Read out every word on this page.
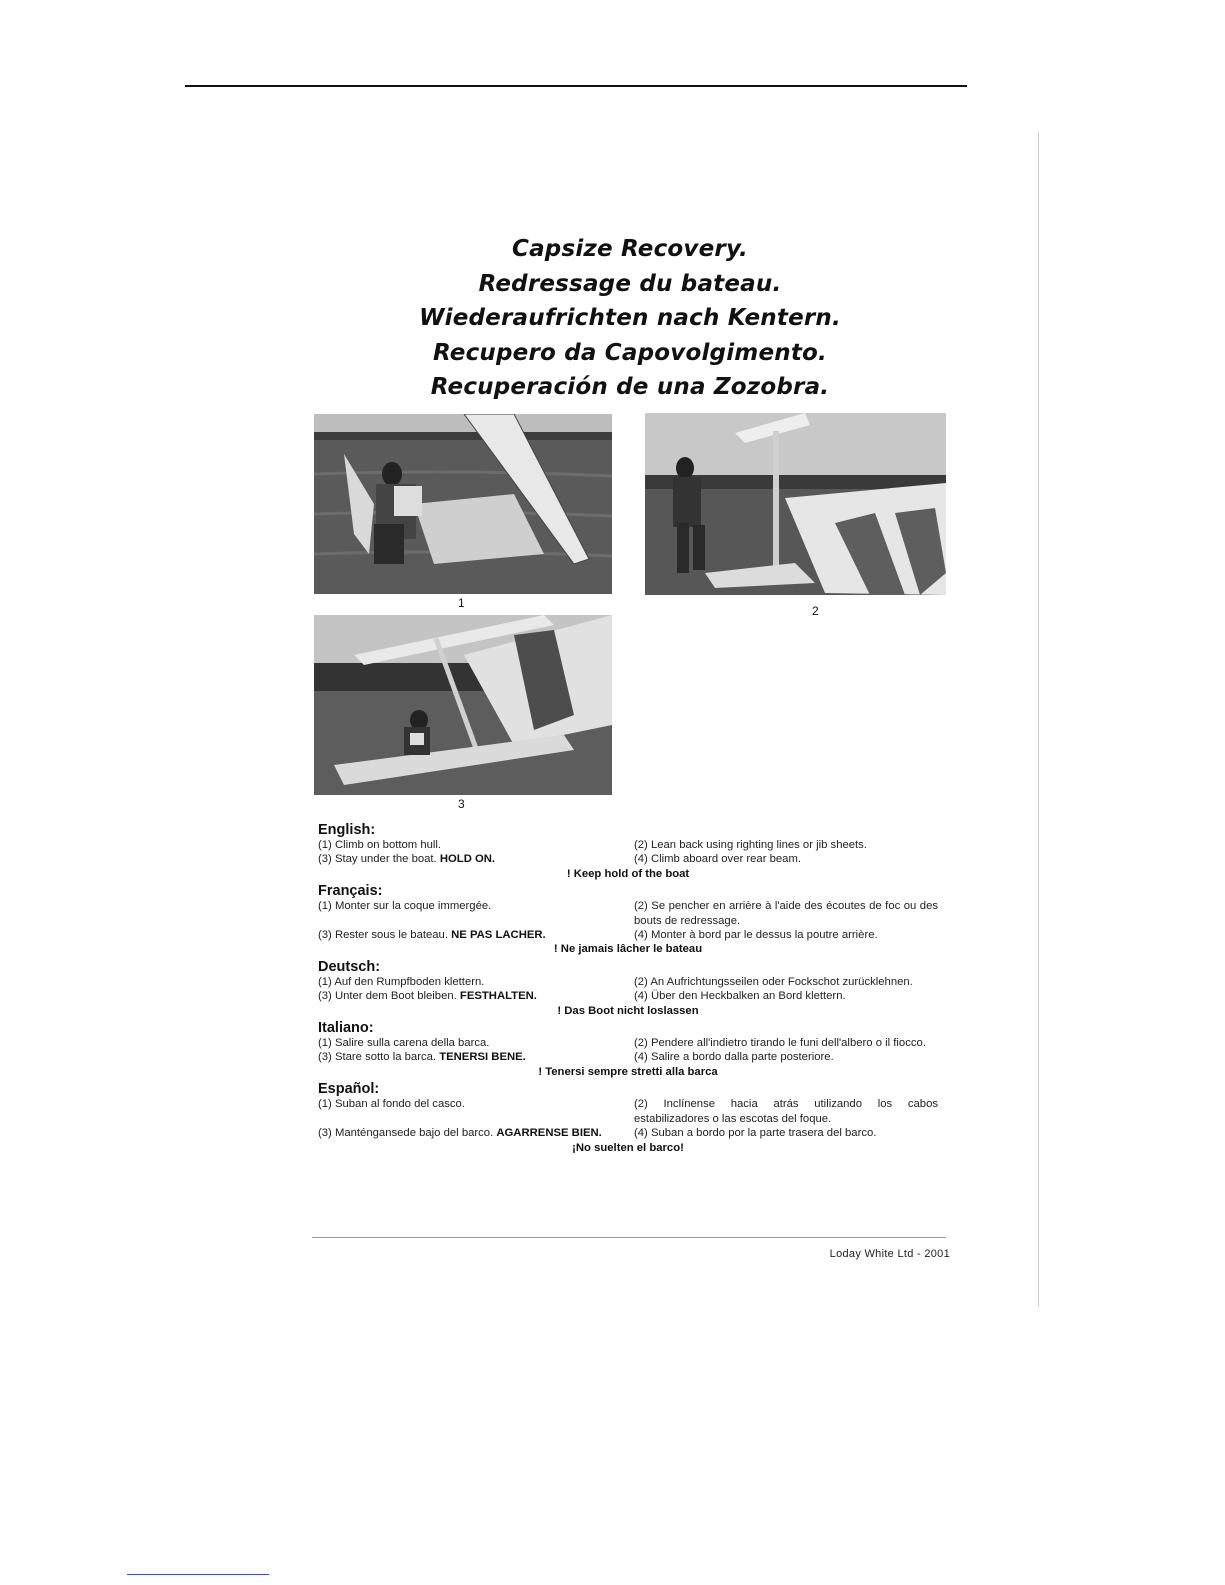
Capsize Recovery.
Redressage du bateau.
Wiederaufrichten nach Kentern.
Recupero da Capovolgimento.
Recuperación de una Zozobra.
1
2
3
English:
(1) Climb on bottom hull.	(2) Lean back using righting lines or jib sheets.
(3) Stay under the boat. HOLD ON.	(4) Climb aboard over rear beam.
! Keep hold of the boat
Français:
(1) Monter sur la coque immergée.	(2) Se pencher en arrière à l'aide des écoutes de foc ou des bouts de redressage.
(3) Rester sous le bateau. NE PAS LACHER.	(4) Monter à bord par le dessus la poutre arrière.
! Ne jamais lâcher le bateau
Deutsch:
(1) Auf den Rumpfboden klettern.	(2) An Aufrichtungsseilen oder Fockschot zurücklehnen.
(3) Unter dem Boot bleiben. FESTHALTEN.	(4) Über den Heckbalken an Bord klettern.
! Das Boot nicht loslassen
Italiano:
(1) Salire sulla carena della barca.	(2) Pendere all'indietro tirando le funi dell'albero o il fiocco.
(3) Stare sotto la barca. TENERSI BENE.	(4) Salire a bordo dalla parte posteriore.
! Tenersi sempre stretti alla barca
Español:
(1) Suban al fondo del casco.	(2) Inclínense hacia atrás utilizando los cabos estabilizadores o las escotas del foque.
(3) Manténgansede bajo del barco. AGARRENSE BIEN.	(4) Suban a bordo por la parte trasera del barco.
¡No suelten el barco!
Loday White Ltd - 2001
